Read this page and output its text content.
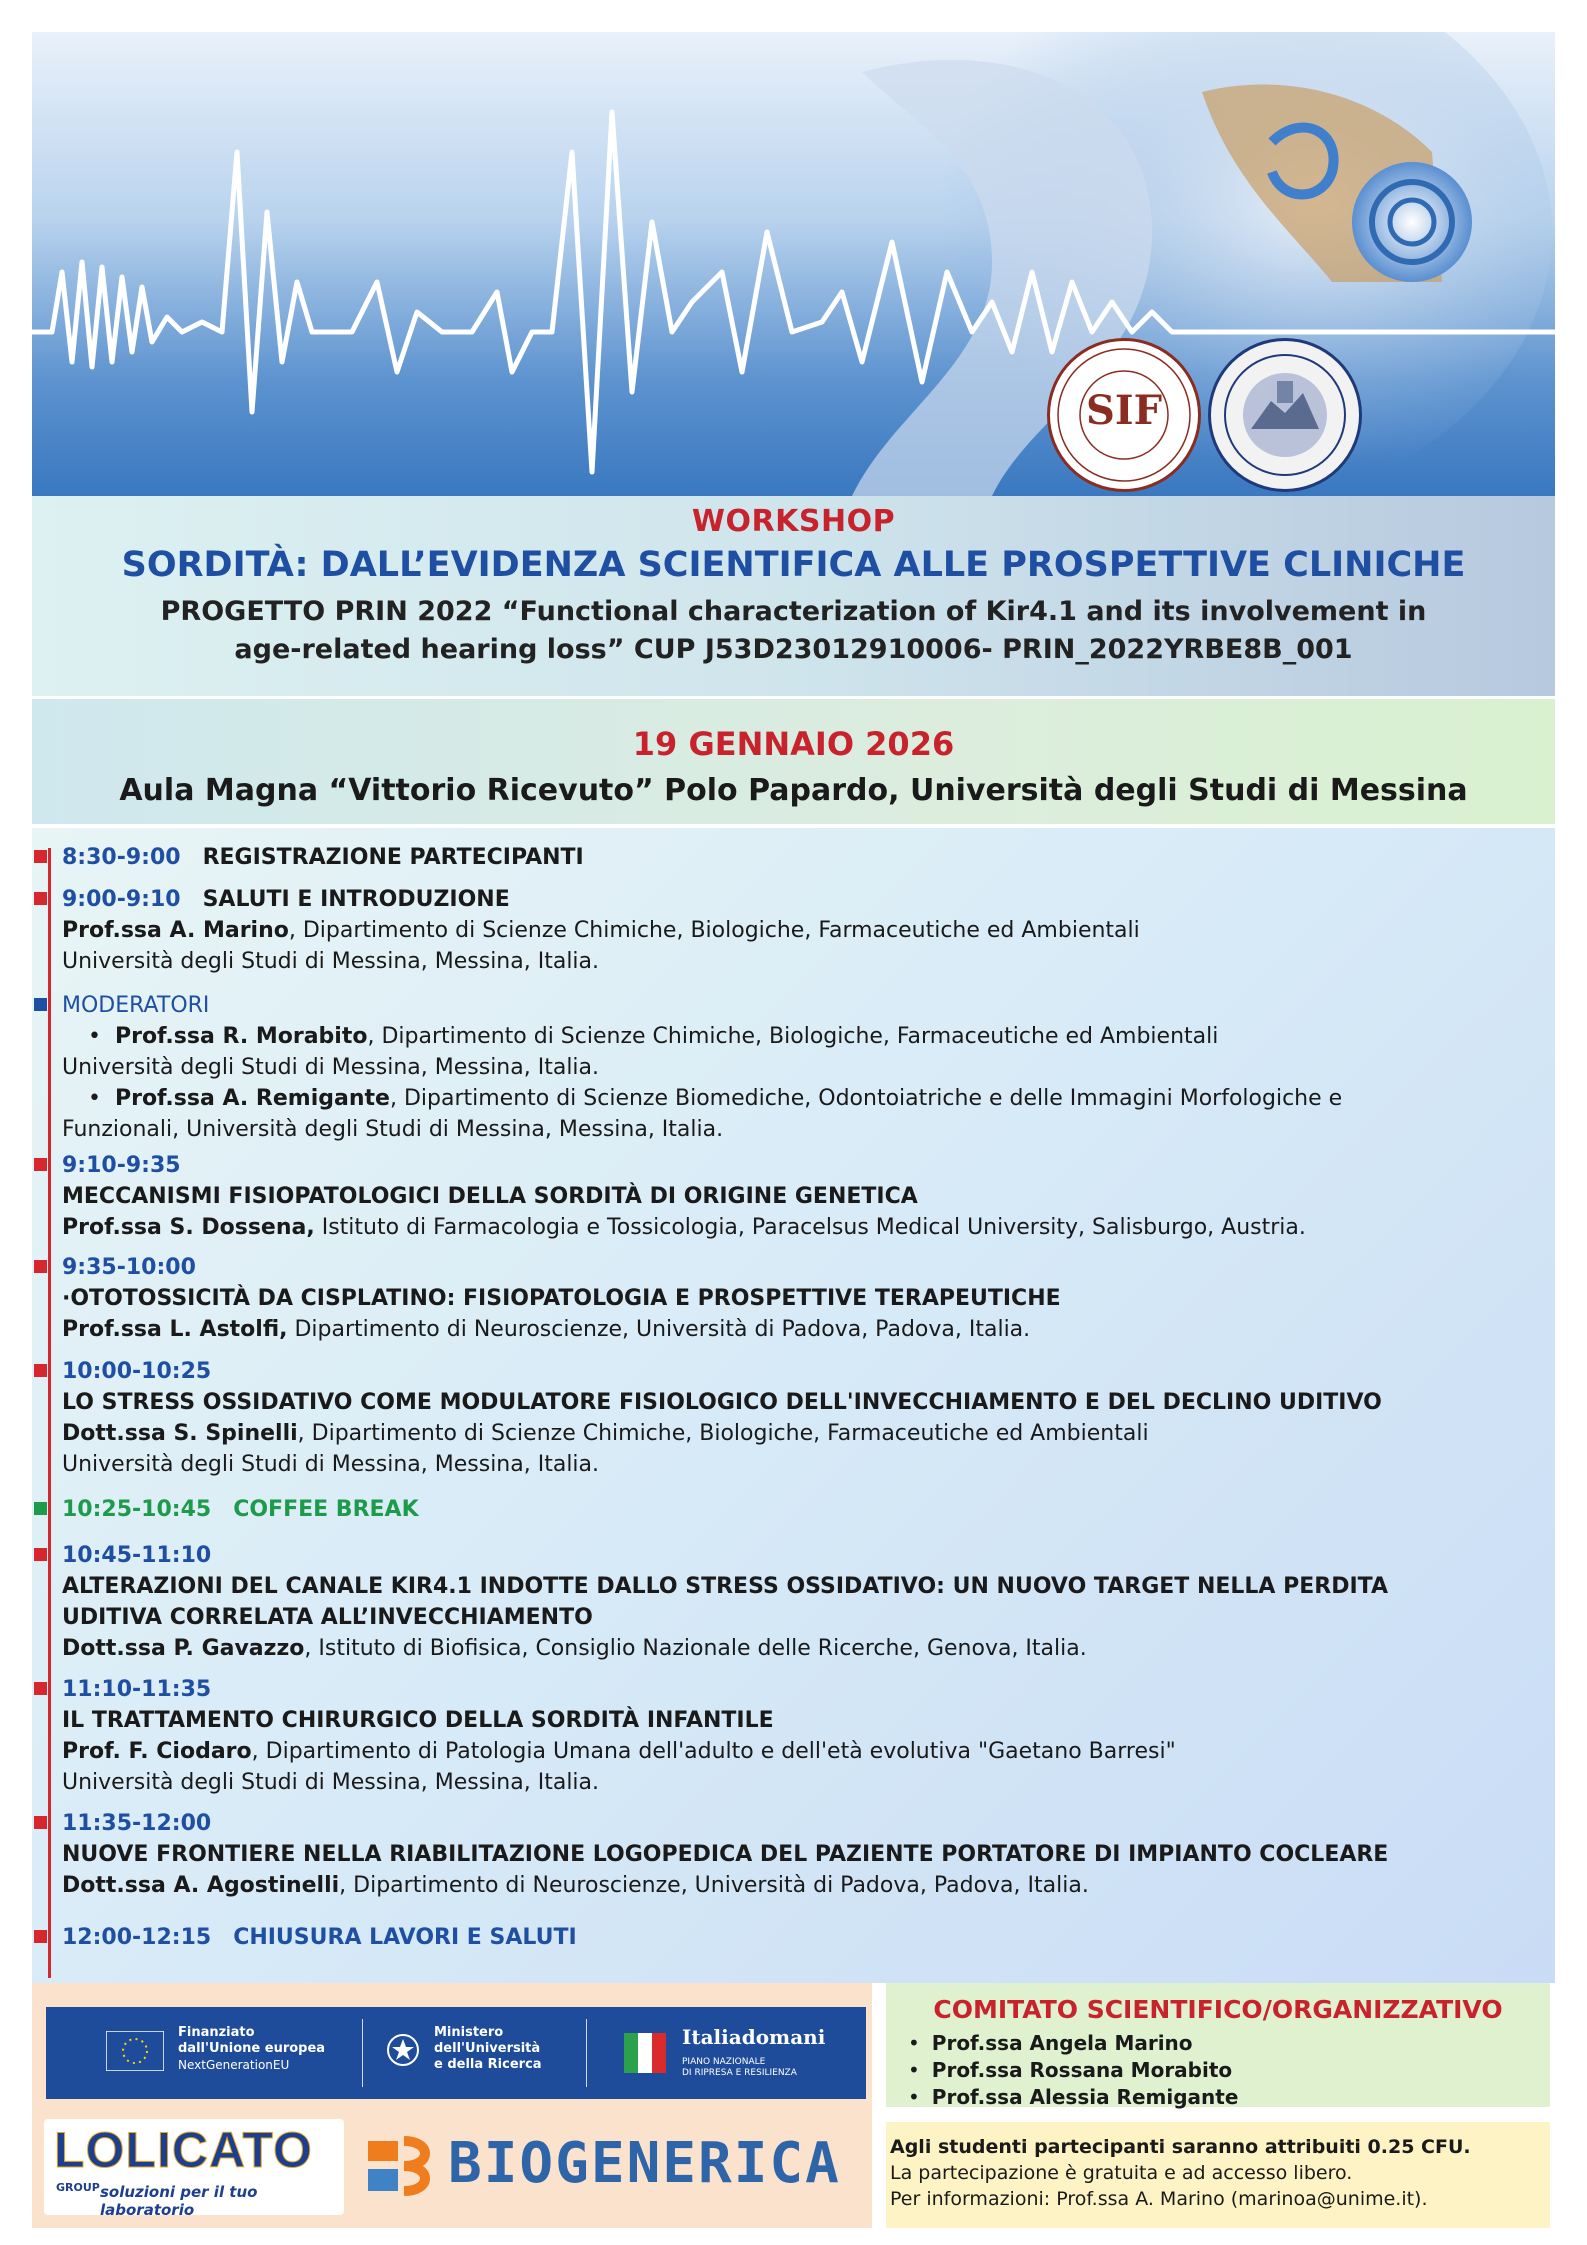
SIF
WORKSHOP
SORDITÀ: DALL’EVIDENZA SCIENTIFICA ALLE PROSPETTIVE CLINICHE
PROGETTO PRIN 2022 “Functional characterization of Kir4.1 and its involvement in
age-related hearing loss” CUP J53D23012910006- PRIN_2022YRBE8B_001
19 GENNAIO 2026
Aula Magna “Vittorio Ricevuto” Polo Papardo, Università degli Studi di Messina
8:30-9:00 REGISTRAZIONE PARTECIPANTI
9:00-9:10 SALUTI E INTRODUZIONE
Prof.ssa A. Marino, Dipartimento di Scienze Chimiche, Biologiche, Farmaceutiche ed Ambientali
Università degli Studi di Messina, Messina, Italia.
MODERATORI
•  Prof.ssa R. Morabito, Dipartimento di Scienze Chimiche, Biologiche, Farmaceutiche ed Ambientali
Università degli Studi di Messina, Messina, Italia.
•  Prof.ssa A. Remigante, Dipartimento di Scienze Biomediche, Odontoiatriche e delle Immagini Morfologiche e
Funzionali, Università degli Studi di Messina, Messina, Italia.
9:10-9:35
MECCANISMI FISIOPATOLOGICI DELLA SORDITÀ DI ORIGINE GENETICA
Prof.ssa S. Dossena, Istituto di Farmacologia e Tossicologia, Paracelsus Medical University, Salisburgo, Austria.
9:35-10:00
·OTOTOSSICITÀ DA CISPLATINO: FISIOPATOLOGIA E PROSPETTIVE TERAPEUTICHE
Prof.ssa L. Astolfi, Dipartimento di Neuroscienze, Università di Padova, Padova, Italia.
10:00-10:25
LO STRESS OSSIDATIVO COME MODULATORE FISIOLOGICO DELL'INVECCHIAMENTO E DEL DECLINO UDITIVO
Dott.ssa S. Spinelli, Dipartimento di Scienze Chimiche, Biologiche, Farmaceutiche ed Ambientali
Università degli Studi di Messina, Messina, Italia.
10:25-10:45 COFFEE BREAK
10:45-11:10
ALTERAZIONI DEL CANALE KIR4.1 INDOTTE DALLO STRESS OSSIDATIVO: UN NUOVO TARGET NELLA PERDITA
UDITIVA CORRELATA ALL’INVECCHIAMENTO
Dott.ssa P. Gavazzo, Istituto di Biofisica, Consiglio Nazionale delle Ricerche, Genova, Italia.
11:10-11:35
IL TRATTAMENTO CHIRURGICO DELLA SORDITÀ INFANTILE
Prof. F. Ciodaro, Dipartimento di Patologia Umana dell'adulto e dell'età evolutiva "Gaetano Barresi"
Università degli Studi di Messina, Messina, Italia.
11:35-12:00
NUOVE FRONTIERE NELLA RIABILITAZIONE LOGOPEDICA DEL PAZIENTE PORTATORE DI IMPIANTO COCLEARE
Dott.ssa A. Agostinelli, Dipartimento di Neuroscienze, Università di Padova, Padova, Italia.
12:00-12:15 CHIUSURA LAVORI E SALUTI
Finanziato
dall'Unione europea
NextGenerationEU
Ministero
dell'Università
e della Ricerca
Italiadomani
PIANO NAZIONALE
DI RIPRESA E RESILIENZA
LOLICATO
GROUP soluzioni per il tuo laboratorio
BIOGENERICA
COMITATO SCIENTIFICO/ORGANIZZATIVO
• Prof.ssa Angela Marino
• Prof.ssa Rossana Morabito
• Prof.ssa Alessia Remigante
Agli studenti partecipanti saranno attribuiti 0.25 CFU.
La partecipazione è gratuita e ad accesso libero.
Per informazioni: Prof.ssa A. Marino (marinoa@unime.it).
